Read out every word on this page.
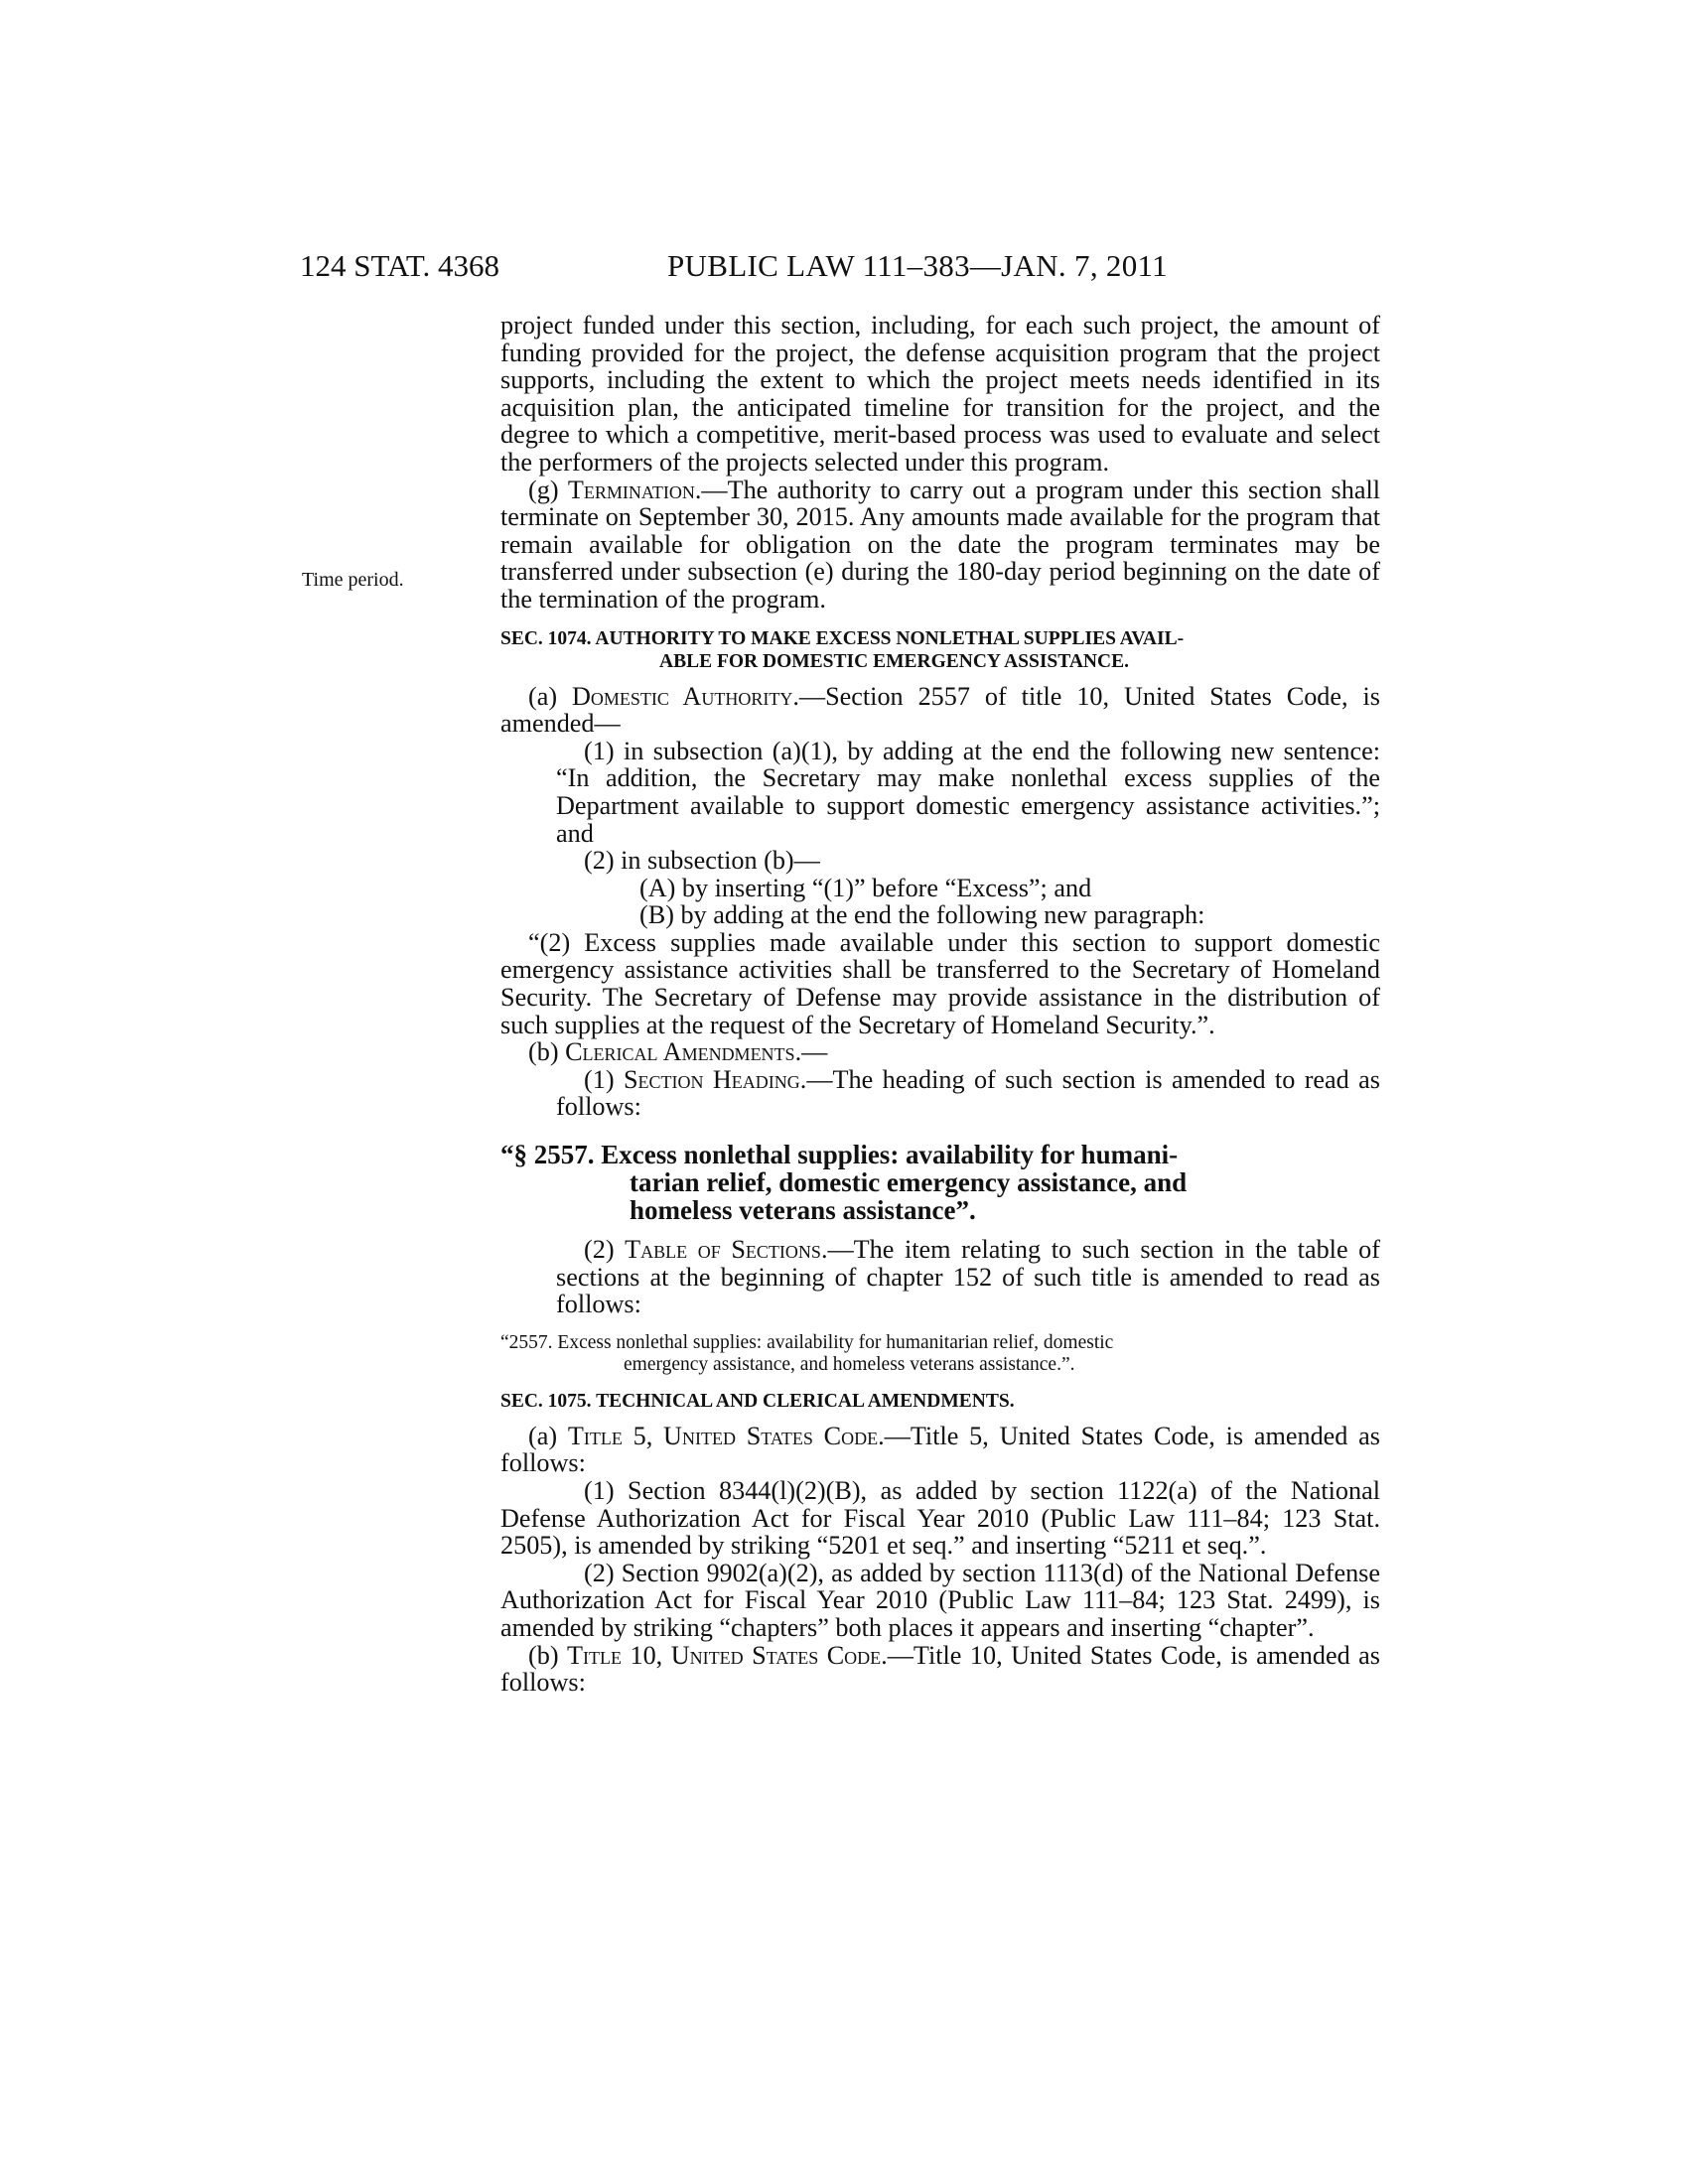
124 STAT. 4368	PUBLIC LAW 111–383—JAN. 7, 2011
Time period.

project funded under this section, including, for each such project, the amount of funding provided for the project, the defense acquisition program that the project supports, including the extent to which the project meets needs identified in its acquisition plan, the anticipated timeline for transition for the project, and the degree to which a competitive, merit-based process was used to evaluate and select the performers of the projects selected under this program.

(g) Termination.—The authority to carry out a program under this section shall terminate on September 30, 2015. Any amounts made available for the program that remain available for obligation on the date the program terminates may be transferred under subsection (e) during the 180-day period beginning on the date of the termination of the program.

SEC. 1074. AUTHORITY TO MAKE EXCESS NONLETHAL SUPPLIES AVAIL-
ABLE FOR DOMESTIC EMERGENCY ASSISTANCE.

(a) Domestic Authority.—Section 2557 of title 10, United States Code, is amended—

(1) in subsection (a)(1), by adding at the end the following new sentence: “In addition, the Secretary may make nonlethal excess supplies of the Department available to support domestic emergency assistance activities.”; and

(2) in subsection (b)—

(A) by inserting “(1)” before “Excess”; and

(B) by adding at the end the following new paragraph:

“(2) Excess supplies made available under this section to support domestic emergency assistance activities shall be transferred to the Secretary of Homeland Security. The Secretary of Defense may provide assistance in the distribution of such supplies at the request of the Secretary of Homeland Security.”.

(b) Clerical Amendments.—

(1) Section Heading.—The heading of such section is amended to read as follows:

“§ 2557. Excess nonlethal supplies: availability for humani-
tarian relief, domestic emergency assistance, and
homeless veterans assistance”.

(2) Table of Sections.—The item relating to such section in the table of sections at the beginning of chapter 152 of such title is amended to read as follows:

“2557. Excess nonlethal supplies: availability for humanitarian relief, domestic
emergency assistance, and homeless veterans assistance.”.

SEC. 1075. TECHNICAL AND CLERICAL AMENDMENTS.

(a) Title 5, United States Code.—Title 5, United States Code, is amended as follows:

(1) Section 8344(l)(2)(B), as added by section 1122(a) of the National Defense Authorization Act for Fiscal Year 2010 (Public Law 111–84; 123 Stat. 2505), is amended by striking “5201 et seq.” and inserting “5211 et seq.”.

(2) Section 9902(a)(2), as added by section 1113(d) of the National Defense Authorization Act for Fiscal Year 2010 (Public Law 111–84; 123 Stat. 2499), is amended by striking “chapters” both places it appears and inserting “chapter”.

(b) Title 10, United States Code.—Title 10, United States Code, is amended as follows:
